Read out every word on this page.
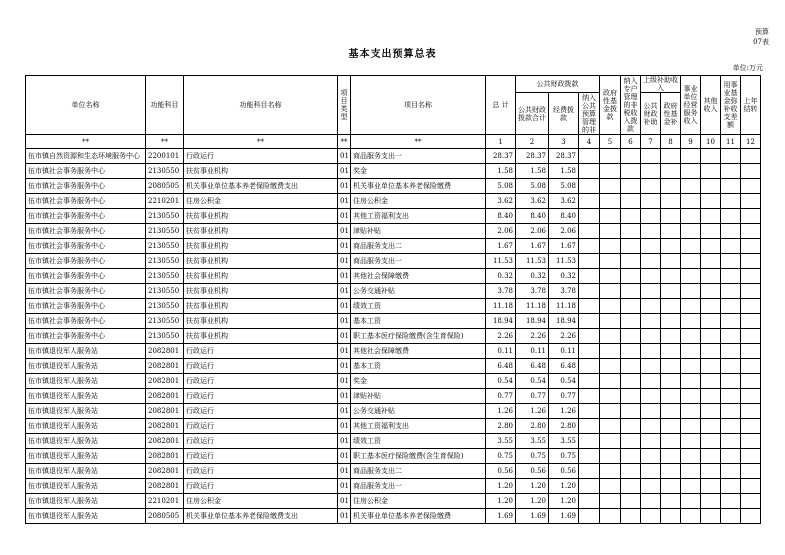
预算
07表
基本支出预算总表
单位:万元
单位名称	功能科目	功能科目名称	项目类型	项目名称	总 计	公共财政拨款			政府性基金拨款	纳入专户管理的非税收入拨款	上级补助收入		事业单位经营服务收入	其他收入	用事业基金弥补收支差额	上年结转
						公共财政拨款合计	经费拨款	纳入公共预算管理的非			公共财政补助	政府性基金补				
**	**	**	**	**	1	2	3	4	5	6	7	8	9	10	11	12
伍市镇自然资源和生态环境服务中心	2200101	行政运行	01	商品服务支出一	28.37	28.37	28.37									
伍市镇社会事务服务中心	2130550	扶贫事业机构	01	奖金	1.58	1.58	1.58									
伍市镇社会事务服务中心	2080505	机关事业单位基本养老保险缴费支出	01	机关事业单位基本养老保险缴费	5.08	5.08	5.08									
伍市镇社会事务服务中心	2210201	住房公积金	01	住房公积金	3.62	3.62	3.62									
伍市镇社会事务服务中心	2130550	扶贫事业机构	01	其他工资福利支出	8.40	8.40	8.40									
伍市镇社会事务服务中心	2130550	扶贫事业机构	01	津贴补贴	2.06	2.06	2.06									
伍市镇社会事务服务中心	2130550	扶贫事业机构	01	商品服务支出二	1.67	1.67	1.67									
伍市镇社会事务服务中心	2130550	扶贫事业机构	01	商品服务支出一	11.53	11.53	11.53									
伍市镇社会事务服务中心	2130550	扶贫事业机构	01	其他社会保障缴费	0.32	0.32	0.32									
伍市镇社会事务服务中心	2130550	扶贫事业机构	01	公务交通补贴	3.78	3.78	3.78									
伍市镇社会事务服务中心	2130550	扶贫事业机构	01	绩效工资	11.18	11.18	11.18									
伍市镇社会事务服务中心	2130550	扶贫事业机构	01	基本工资	18.94	18.94	18.94									
伍市镇社会事务服务中心	2130550	扶贫事业机构	01	职工基本医疗保险缴费(含生育保险)	2.26	2.26	2.26									
伍市镇退役军人服务站	2082801	行政运行	01	其他社会保障缴费	0.11	0.11	0.11									
伍市镇退役军人服务站	2082801	行政运行	01	基本工资	6.48	6.48	6.48									
伍市镇退役军人服务站	2082801	行政运行	01	奖金	0.54	0.54	0.54									
伍市镇退役军人服务站	2082801	行政运行	01	津贴补贴	0.77	0.77	0.77									
伍市镇退役军人服务站	2082801	行政运行	01	公务交通补贴	1.26	1.26	1.26									
伍市镇退役军人服务站	2082801	行政运行	01	其他工资福利支出	2.80	2.80	2.80									
伍市镇退役军人服务站	2082801	行政运行	01	绩效工资	3.55	3.55	3.55									
伍市镇退役军人服务站	2082801	行政运行	01	职工基本医疗保险缴费(含生育保险)	0.75	0.75	0.75									
伍市镇退役军人服务站	2082801	行政运行	01	商品服务支出二	0.56	0.56	0.56									
伍市镇退役军人服务站	2082801	行政运行	01	商品服务支出一	1.20	1.20	1.20									
伍市镇退役军人服务站	2210201	住房公积金	01	住房公积金	1.20	1.20	1.20									
伍市镇退役军人服务站	2080505	机关事业单位基本养老保险缴费支出	01	机关事业单位基本养老保险缴费	1.69	1.69	1.69									
